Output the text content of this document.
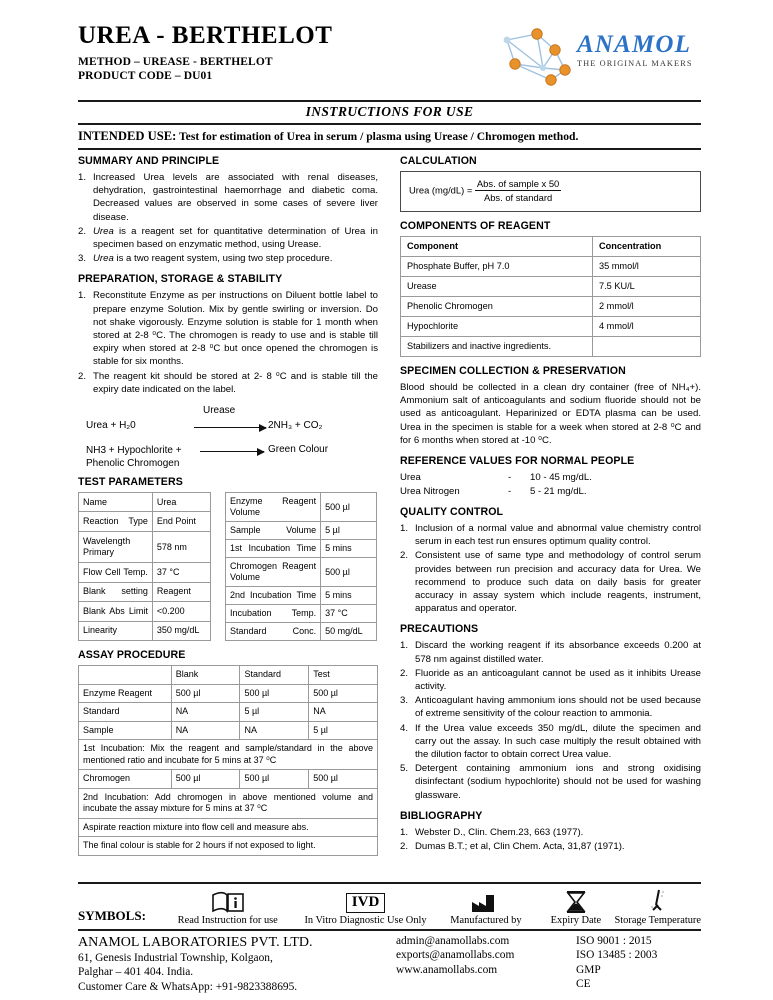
UREA - BERTHELOT
METHOD – UREASE - BERTHELOT
PRODUCT CODE – DU01
ANAMOL
THE ORIGINAL MAKERS
INSTRUCTIONS FOR USE
INTENDED USE: Test for estimation of Urea in serum / plasma using Urease / Chromogen method.
SUMMARY AND PRINCIPLE
1. Increased Urea levels are associated with renal diseases, dehydration, gastrointestinal haemorrhage and diabetic coma. Decreased values are observed in some cases of severe liver disease.
2. Urea is a reagent set for quantitative determination of Urea in specimen based on enzymatic method, using Urease.
3. Urea is a two reagent system, using two step procedure.
PREPARATION, STORAGE & STABILITY
1. Reconstitute Enzyme as per instructions on Diluent bottle label to prepare enzyme Solution. Mix by gentle swirling or inversion. Do not shake vigorously. Enzyme solution is stable for 1 month when stored at 2-8 ⁰C. The chromogen is ready to use and is stable till expiry when stored at 2-8 ⁰C but once opened the chromogen is stable for six months.
2. The reagent kit should be stored at 2- 8 ⁰C and is stable till the expiry date indicated on the label.
Urea + H₂0
Urease
2NH₃ + CO₂
NH3 + Hypochlorite +
Phenolic Chromogen
Green Colour
TEST PARAMETERS
Name	Urea
Reaction Type	End Point
Wavelength Primary	578 nm
Flow Cell Temp.	37 °C
Blank setting	Reagent
Blank Abs Limit	<0.200
Linearity	350 mg/dL
Enzyme Reagent Volume	500 µl
Sample Volume	5 µl
1st Incubation Time	5 mins
Chromogen Reagent Volume	500 µl
2nd Incubation Time	5 mins
Incubation Temp.	37 °C
Standard Conc.	50 mg/dL
ASSAY PROCEDURE
	Blank	Standard	Test
Enzyme Reagent	500 µl	500 µl	500 µl
Standard	NA	5 µl	NA
Sample	NA	NA	5 µl
1st Incubation: Mix the reagent and sample/standard in the above mentioned ratio and incubate for 5 mins at 37 ⁰C			
Chromogen	500 µl	500 µl	500 µl
2nd Incubation: Add chromogen in above mentioned volume and incubate the assay mixture for 5 mins at 37 ⁰C			
Aspirate reaction mixture into flow cell and measure abs.			
The final colour is stable for 2 hours if not exposed to light.			
CALCULATION
Urea $(mg/dL) = \frac{\text{Abs. of sample x 50}}{\text{Abs. of standard}}$
COMPONENTS OF REAGENT
Component	Concentration
Phosphate Buffer, pH 7.0	35 mmol/l
Urease	7.5 KU/L
Phenolic Chromogen	2 mmol/l
Hypochlorite	4 mmol/l
Stabilizers and inactive ingredients.	
SPECIMEN COLLECTION & PRESERVATION

Blood should be collected in a clean dry container (free of NH₄+). Ammonium salt of anticoagulants and sodium fluoride should not be used as anticoagulant. Heparinized or EDTA plasma can be used. Urea in the specimen is stable for a week when stored at 2-8 ⁰C and for 6 months when stored at -10 ⁰C.

REFERENCE VALUES FOR NORMAL PEOPLE
Urea	-	10 - 45 mg/dL.
Urea Nitrogen	-	5 - 21 mg/dL.
QUALITY CONTROL
1. Inclusion of a normal value and abnormal value chemistry control serum in each test run ensures optimum quality control.
2. Consistent use of same type and methodology of control serum provides between run precision and accuracy data for Urea. We recommend to produce such data on daily basis for greater accuracy in assay system which include reagents, instrument, apparatus and operator.
PRECAUTIONS
1. Discard the working reagent if its absorbance exceeds 0.200 at 578 nm against distilled water.
2. Fluoride as an anticoagulant cannot be used as it inhibits Urease activity.
3. Anticoagulant having ammonium ions should not be used because of extreme sensitivity of the colour reaction to ammonia.
4. If the Urea value exceeds 350 mg/dL, dilute the specimen and carry out the assay. In such case multiply the result obtained with the dilution factor to obtain correct Urea value.
5. Detergent containing ammonium ions and strong oxidising disinfectant (sodium hypochlorite) should not be used for washing glassware.
BIBLIOGRAPHY
1. Webster D., Clin. Chem.23, 663 (1977).
2. Dumas B.T.; et al, Clin Chem. Acta, 31,87 (1971).
SYMBOLS:	Read Instruction for use
IVD
In Vitro Diagnostic Use Only	Manufactured by	Expiry Date	Storage Temperature
ANAMOL LABORATORIES PVT. LTD.
61, Genesis Industrial Township, Kolgaon,
Palghar – 401 404. India.
Customer Care & WhatsApp: +91-9823388695.
admin@anamollabs.com
exports@anamollabs.com
www.anamollabs.com
ISO 9001 : 2015
ISO 13485 : 2003
GMP
CE
